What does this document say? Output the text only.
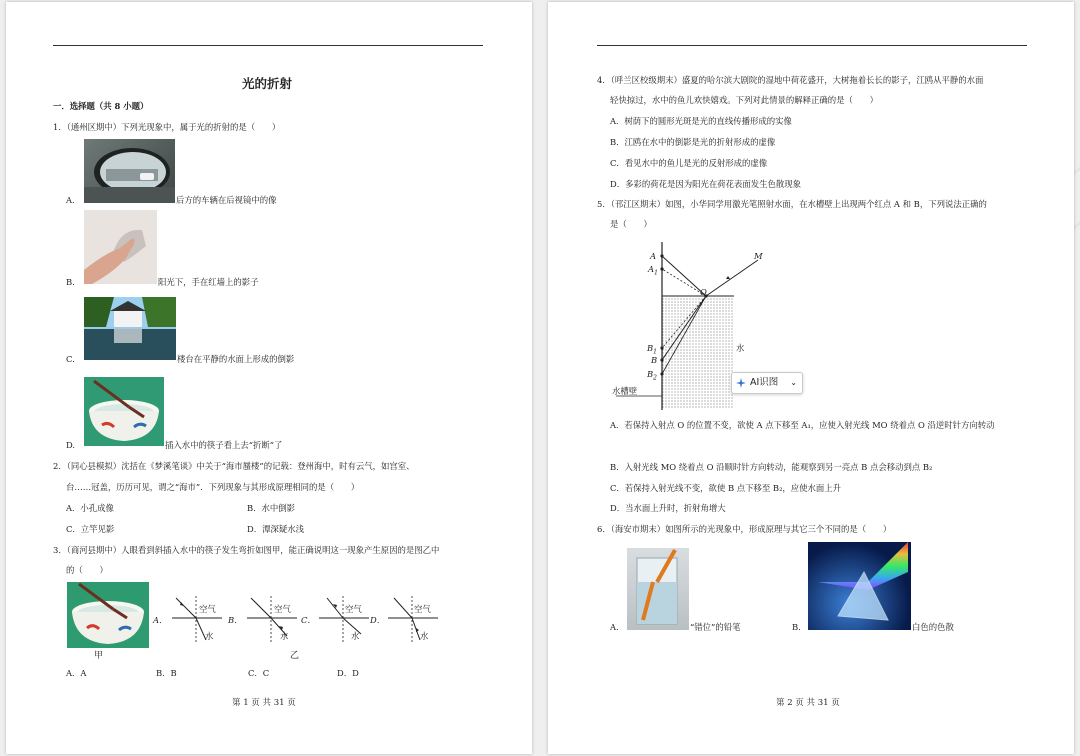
光的折射
一．选择题（共 8 小题）
1．（通州区期中）下列光现象中，属于光的折射的是（　　）
A.	后方的车辆在后视镜中的像
B.	阳光下，手在红墙上的影子
C.	楼台在平静的水面上形成的倒影
D.	插入水中的筷子看上去“折断”了
2．（同心县模拟）沈括在《梦溪笔谈》中关于“海市蜃楼”的记载：登州海中，时有云气，如宫室、
台……冠盖，历历可见，谓之“海市”．下列现象与其形成原理相同的是（　　）
A．小孔成像	B．水中倒影
C．立竿见影	D．潭深疑水浅
3．（商河县期中）人眼看到斜插入水中的筷子发生弯折如图甲，能正确说明这一现象产生原因的是图乙中
的（　　）
甲
A．
空气
水
B．
空气
水
乙
C．
空气
水
D．
空气
水
A．A	B．B	C．C	D．D
第 1 页 共 31 页
4．（呼兰区校级期末）盛夏的哈尔滨大剧院的湿地中荷花盛开，大树拖着长长的影子，江鸥从平静的水面
轻快掠过，水中的鱼儿欢快嬉戏。下列对此情景的解释正确的是（　　）
A．树荫下的圆形光斑是光的直线传播形成的实像
B．江鸥在水中的倒影是光的折射形成的虚像
C．看见水中的鱼儿是光的反射形成的虚像
D．多彩的荷花是因为阳光在荷花表面发生色散现象
5．（邗江区期末）如图，小华同学用激光笔照射水面，在水槽壁上出现两个红点 A 和 B，下列说法正确的
是（　　）
A
$A_1$
O
M
$B_1$
B
$B_2$
水
水槽壁
AI识图 ⌄
A．若保持入射点 O 的位置不变，欲使 A 点下移至 A₁，应使入射光线 MO 绕着点 O 沿逆时针方向转动
B．入射光线 MO 绕着点 O 沿顺时针方向转动，能观察到另一亮点 B 点会移动到点 B₂
C．若保持入射光线不变，欲使 B 点下移至 B₂，应使水面上升
D．当水面上升时，折射角增大
6．（海安市期末）如图所示的光现象中，形成原理与其它三个不同的是（　　）
A.	“错位”的铅笔	B.	白色的色散
第 2 页 共 31 页
